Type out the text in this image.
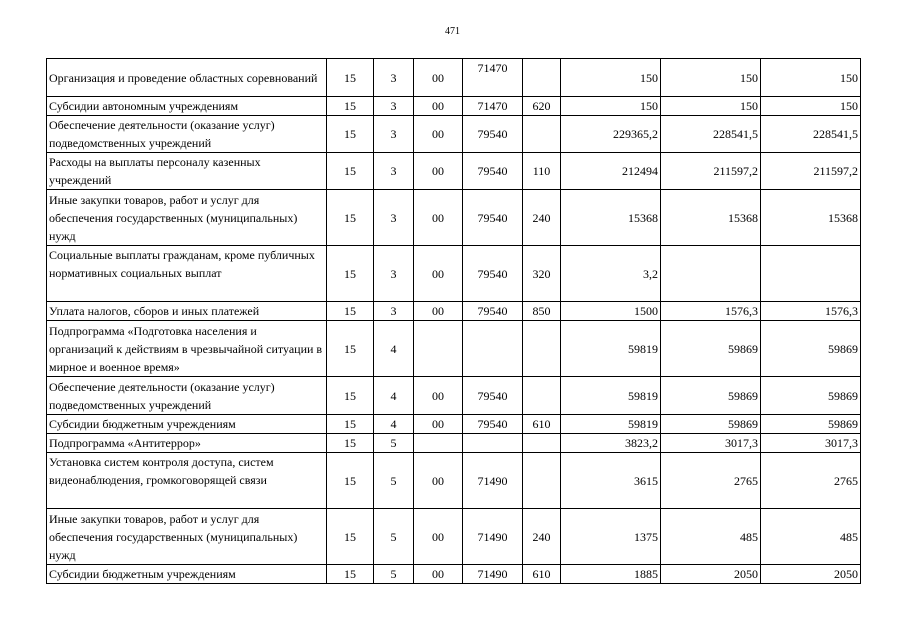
471
Организация и проведение областных соревнований	15	3	00	71470		150	150	150
Субсидии автономным учреждениям	15	3	00	71470	620	150	150	150
Обеспечение деятельности (оказание услуг) подведомственных учреждений	15	3	00	79540		229365,2	228541,5	228541,5
Расходы на выплаты персоналу казенных учреждений	15	3	00	79540	110	212494	211597,2	211597,2
Иные закупки товаров, работ и услуг для обеспечения государственных (муниципальных) нужд	15	3	00	79540	240	15368	15368	15368
Социальные выплаты гражданам, кроме публичных нормативных социальных выплат	15	3	00	79540	320	3,2		
Уплата налогов, сборов и иных платежей	15	3	00	79540	850	1500	1576,3	1576,3
Подпрограмма «Подготовка населения и организаций к действиям в чрезвычайной ситуации в мирное и военное время»	15	4				59819	59869	59869
Обеспечение деятельности (оказание услуг) подведомственных учреждений	15	4	00	79540		59819	59869	59869
Субсидии бюджетным учреждениям	15	4	00	79540	610	59819	59869	59869
Подпрограмма «Антитеррор»	15	5				3823,2	3017,3	3017,3
Установка систем контроля доступа, систем видеонаблюдения, громкоговорящей связи	15	5	00	71490		3615	2765	2765
Иные закупки товаров, работ и услуг для обеспечения государственных (муниципальных) нужд	15	5	00	71490	240	1375	485	485
Субсидии бюджетным учреждениям	15	5	00	71490	610	1885	2050	2050
